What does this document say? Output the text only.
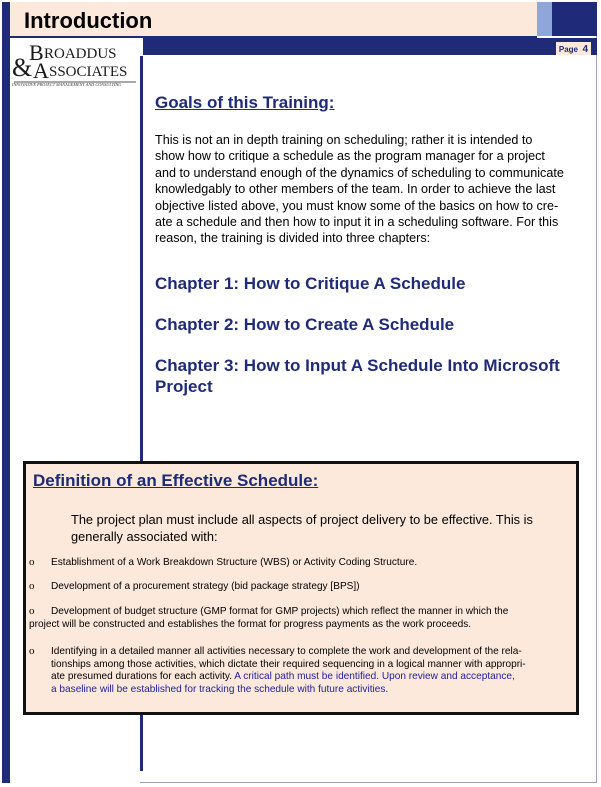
Introduction
Page 4
B ROADDUS
& A SSOCIATES
INNOVATIVE PROJECT MANAGEMENT AND CONSULTING
Goals of this Training:
This is not an in depth training on scheduling; rather it is intended to
show how to critique a schedule as the program manager for a project
and to understand enough of the dynamics of scheduling to communicate
knowledgably to other members of the team. In order to achieve the last
objective listed above, you must know some of the basics on how to cre-
ate a schedule and then how to input it in a scheduling software. For this
reason, the training is divided into three chapters:

Chapter 1: How to Critique A Schedule

Chapter 2: How to Create A Schedule

Chapter 3: How to Input A Schedule Into Microsoft Project

Definition of an Effective Schedule:
The project plan must include all aspects of project delivery to be effective. This is
generally associated with:

o Establishment of a Work Breakdown Structure (WBS) or Activity Coding Structure.

o Development of a procurement strategy (bid package strategy [BPS])

o Development of budget structure (GMP format for GMP projects) which reflect the manner in which the
project will be constructed and establishes the format for progress payments as the work proceeds.

o Identifying in a detailed manner all activities necessary to complete the work and development of the rela-
tionships among those activities, which dictate their required sequencing in a logical manner with appropri-
ate presumed durations for each activity. A critical path must be identified. Upon review and acceptance,
a baseline will be established for tracking the schedule with future activities.
